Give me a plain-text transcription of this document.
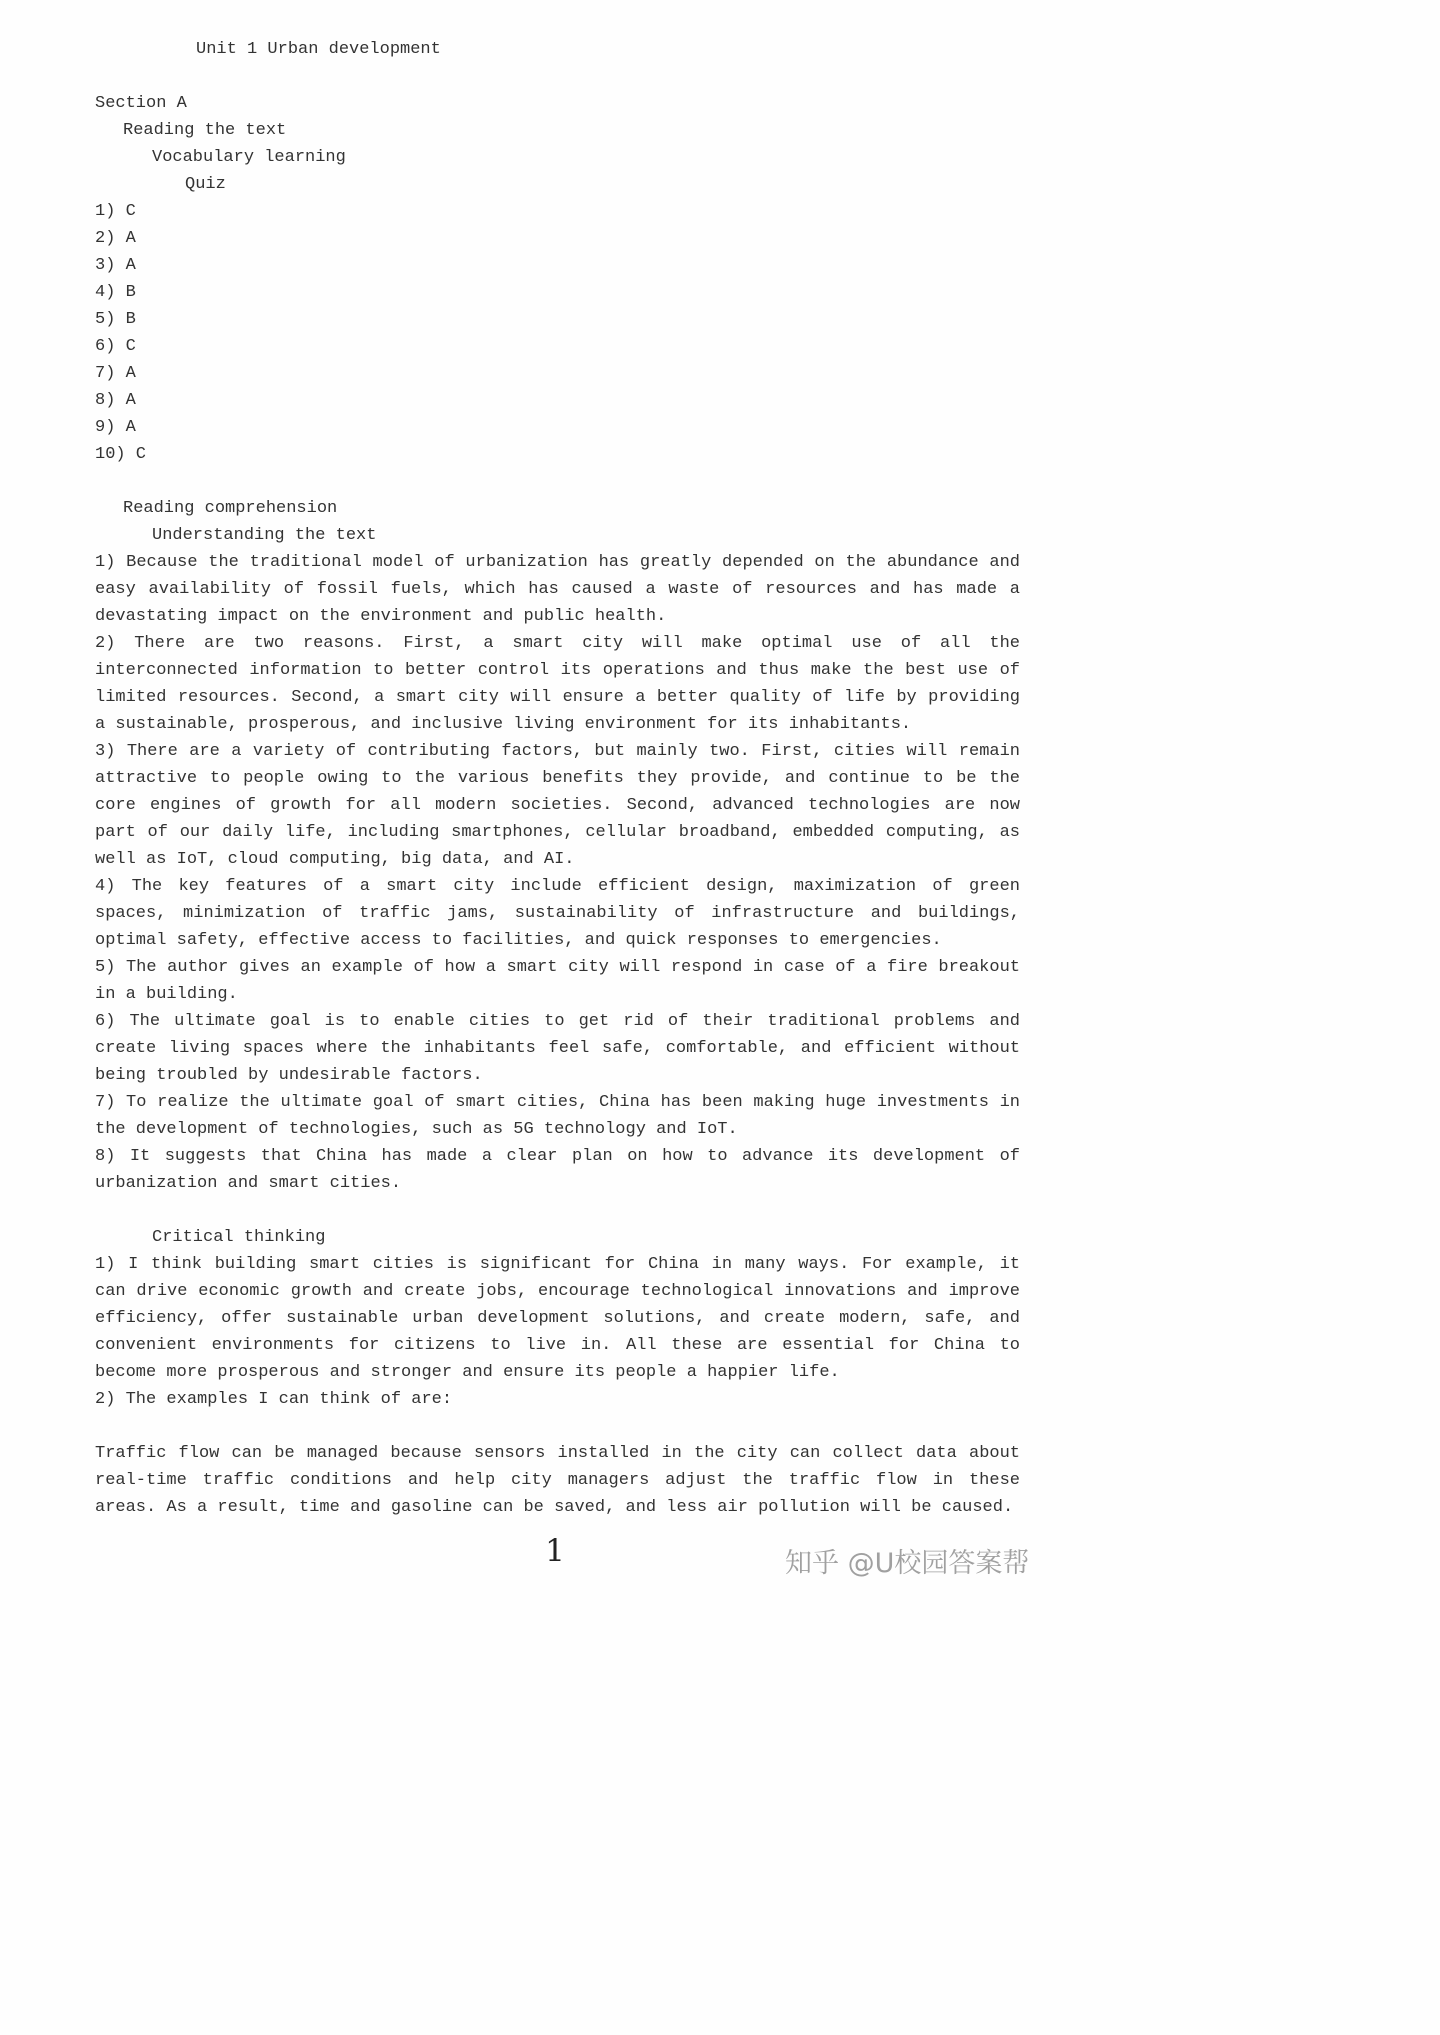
Unit 1 Urban development
Section A
Reading the text
Vocabulary learning
Quiz
1) C
2) A
3) A
4) B
5) B
6) C
7) A
8) A
9) A
10) C
Reading comprehension
Understanding the text

1) Because the traditional model of urbanization has greatly depended on the abundance and easy availability of fossil fuels, which has caused a waste of resources and has made a devastating impact on the environment and public health.

2) There are two reasons. First, a smart city will make optimal use of all the interconnected information to better control its operations and thus make the best use of limited resources. Second, a smart city will ensure a better quality of life by providing a sustainable, prosperous, and inclusive living environment for its inhabitants.

3) There are a variety of contributing factors, but mainly two. First, cities will remain attractive to people owing to the various benefits they provide, and continue to be the core engines of growth for all modern societies. Second, advanced technologies are now part of our daily life, including smartphones, cellular broadband, embedded computing, as well as IoT, cloud computing, big data, and AI.

4) The key features of a smart city include efficient design, maximization of green spaces, minimization of traffic jams, sustainability of infrastructure and buildings, optimal safety, effective access to facilities, and quick responses to emergencies.

5) The author gives an example of how a smart city will respond in case of a fire breakout in a building.

6) The ultimate goal is to enable cities to get rid of their traditional problems and create living spaces where the inhabitants feel safe, comfortable, and efficient without being troubled by undesirable factors.

7) To realize the ultimate goal of smart cities, China has been making huge investments in the development of technologies, such as 5G technology and IoT.

8) It suggests that China has made a clear plan on how to advance its development of urbanization and smart cities.

Critical thinking

1) I think building smart cities is significant for China in many ways. For example, it can drive economic growth and create jobs, encourage technological innovations and improve efficiency, offer sustainable urban development solutions, and create modern, safe, and convenient environments for citizens to live in. All these are essential for China to become more prosperous and stronger and ensure its people a happier life.

2) The examples I can think of are:

Traffic flow can be managed because sensors installed in the city can collect data about real-time traffic conditions and help city managers adjust the traffic flow in these areas. As a result, time and gasoline can be saved, and less air pollution will be caused.

1	知乎 @U校园答案帮
